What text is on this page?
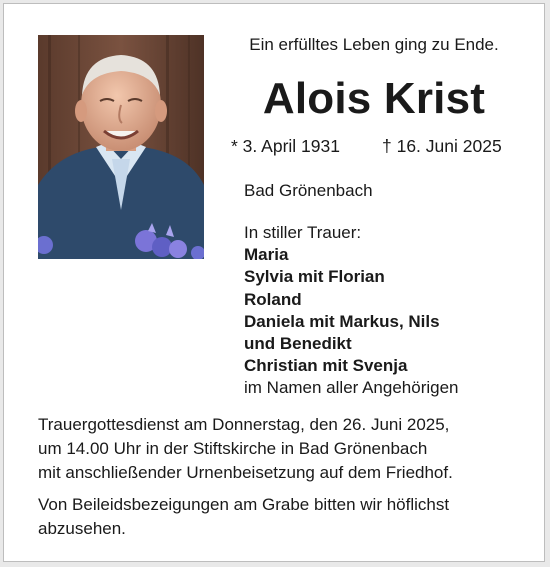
Ein erfülltes Leben ging zu Ende.
Alois Krist
* 3. April 1931 † 16. Juni 2025
Bad Grönenbach
In stiller Trauer:
Maria
Sylvia mit Florian
Roland
Daniela mit Markus, Nils
und Benedikt
Christian mit Svenja
im Namen aller Angehörigen
Trauergottesdienst am Donnerstag, den 26. Juni 2025,
um 14.00 Uhr in der Stiftskirche in Bad Grönenbach
mit anschließender Urnenbeisetzung auf dem Friedhof.
Von Beileidsbezeigungen am Grabe bitten wir höflichst
abzusehen.
